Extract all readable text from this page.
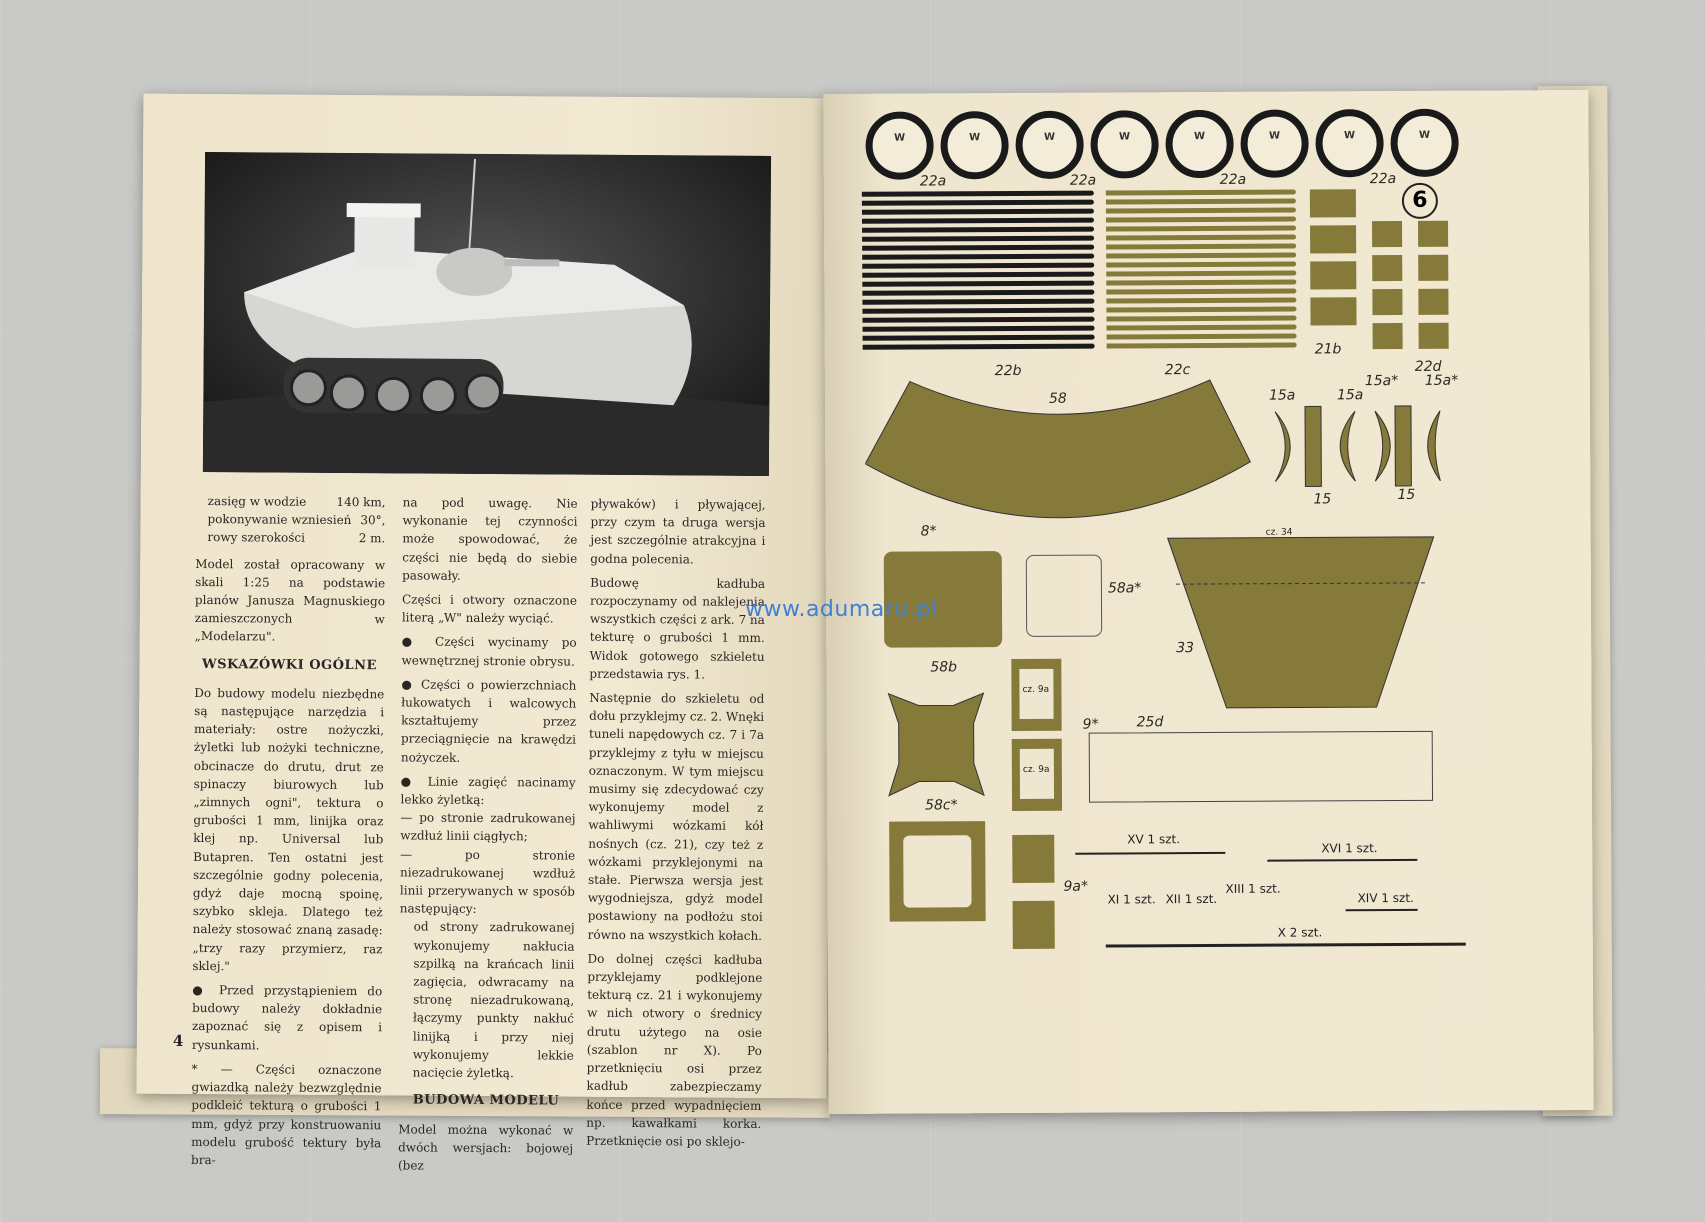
zasięg w wodzie	140 km,
pokonywanie wzniesień 30°,
rowy szerokości	2 m.

Model został opracowany w skali 1:25 na podstawie planów Janusza Magnuskiego zamieszczonych w „Modelarzu".

WSKAZÓWKI OGÓLNE

Do budowy modelu niezbędne są następujące narzędzia i materiały: ostre nożyczki, żyletki lub nożyki techniczne, obcinacze do drutu, drut ze spinaczy biurowych lub „zimnych ogni", tektura o grubości 1 mm, linijka oraz klej np. Universal lub Butapren. Ten ostatni jest szczególnie godny polecenia, gdyż daje mocną spoinę, szybko skleja. Dlatego też należy stosować znaną zasadę: „trzy razy przymierz, raz sklej."

● Przed przystąpieniem do budowy należy dokładnie zapoznać się z opisem i rysunkami.

* — Części oznaczone gwiazdką należy bezwzględnie podkleić tekturą o grubości 1 mm, gdyż przy konstruowaniu modelu grubość tektury była bra-

na pod uwagę. Nie wykonanie tej czynności może spowodować, że części nie będą do siebie pasowały.

Części i otwory oznaczone literą „W" należy wyciąć.

● Części wycinamy po wewnętrznej stronie obrysu.

● Części o powierzchniach łukowatych i walcowych kształtujemy przez przeciągnięcie na krawędzi nożyczek.

● Linie zagięć nacinamy lekko żyletką:

— po stronie zadrukowanej wzdłuż linii ciągłych;

— po stronie niezadrukowanej wzdłuż linii przerywanych w sposób następujący:

od strony zadrukowanej wykonujemy nakłucia szpilką na krańcach linii zagięcia, odwracamy na stronę niezadrukowaną, łączymy punkty nakłuć linijką i przy niej wykonujemy lekkie nacięcie żyletką.

BUDOWA MODELU

Model można wykonać w dwóch wersjach: bojowej (bez

pływaków) i pływającej, przy czym ta druga wersja jest szczególnie atrakcyjna i godna polecenia.

Budowę kadłuba rozpoczynamy od naklejenia wszystkich części z ark. 7 na tekturę o grubości 1 mm. Widok gotowego szkieletu przedstawia rys. 1.

Następnie do szkieletu od dołu przyklejmy cz. 2. Wnęki tuneli napędowych cz. 7 i 7a przyklejmy z tyłu w miejscu oznaczonym. W tym miejscu musimy się zdecydować czy wykonujemy model z wahliwymi wózkami kół nośnych (cz. 21), czy też z wózkami przyklejonymi na stałe. Pierwsza wersja jest wygodniejsza, gdyż model postawiony na podłożu stoi równo na wszystkich kołach.

Do dolnej części kadłuba przyklejamy podklejone tekturą cz. 21 i wykonujemy w nich otwory o średnicy drutu użytego na osie (szablon nr X). Po przetknięciu osi przez kadłub zabezpieczamy końce przed wypadnięciem np. kawałkami korka. Przetknięcie osi po sklejo-

4
W	W	W	W	W	W	W	W
22a	22a	22a	22a
6
22b	22c
21b
22d
58	15a	15a
15a* 15a*
15	15
8*
58a*
cz. 34
33
58b
cz. 9a
cz. 9a
9*	25d
58c*
9a*
XV 1 szt.
XVI 1 szt.
XI 1 szt. XII 1 szt.
XIII 1 szt.
XIV 1 szt.
X 2 szt.
www.adumaru.pl
